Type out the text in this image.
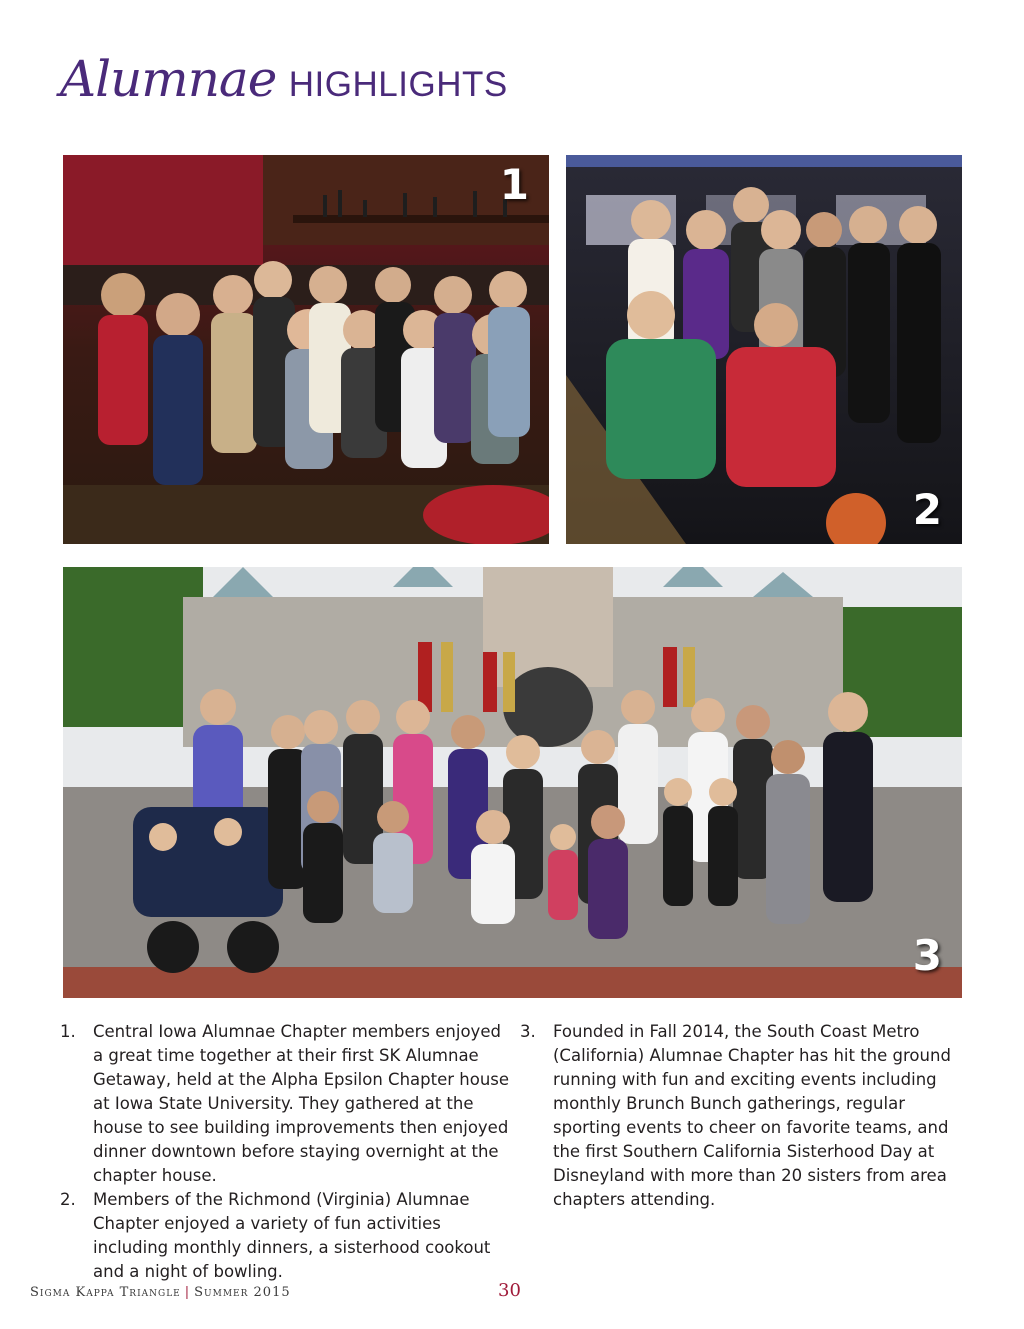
Alumnae HIGHLIGHTS
1
2
3
1. Central Iowa Alumnae Chapter members enjoyed a great time together at their first SK Alumnae Getaway, held at the Alpha Epsilon Chapter house at Iowa State University. They gathered at the house to see building improvements then enjoyed dinner downtown before staying overnight at the chapter house.
2. Members of the Richmond (Virginia) Alumnae Chapter enjoyed a variety of fun activities including monthly dinners, a sisterhood cookout and a night of bowling.
3. Founded in Fall 2014, the South Coast Metro (California) Alumnae Chapter has hit the ground running with fun and exciting events including monthly Brunch Bunch gatherings, regular sporting events to cheer on favorite teams, and the first Southern California Sisterhood Day at Disneyland with more than 20 sisters from area chapters attending.
Sigma Kappa Triangle | Summer 2015	30
